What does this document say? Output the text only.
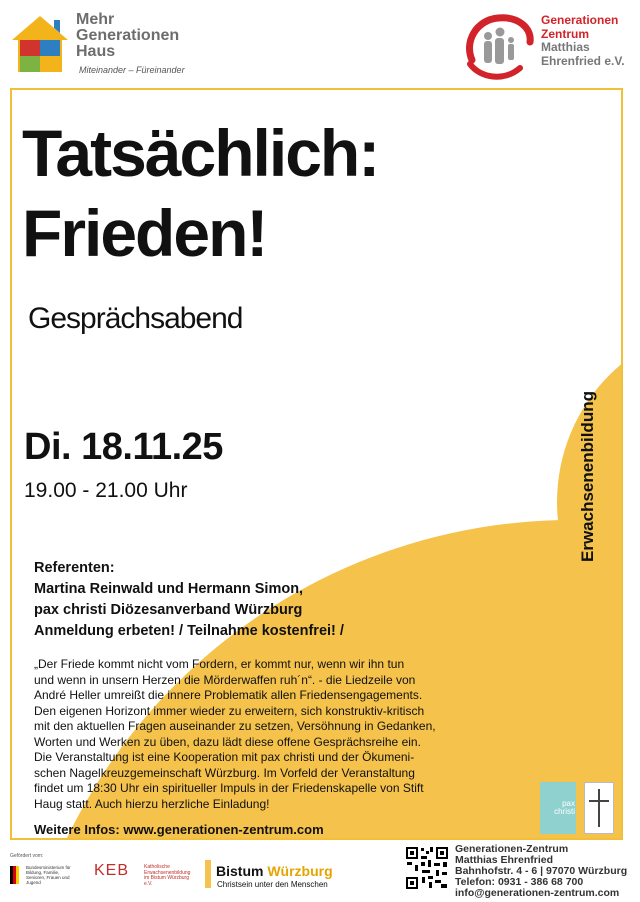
Mehr
Generationen
Haus
Miteinander – Füreinander
Generationen
Zentrum
Matthias
Ehrenfried e.V.
Tatsächlich:
Frieden!
Gesprächsabend
Di. 18.11.25
19.00 - 21.00 Uhr	Erwachsenenbildung
Referenten:
Martina Reinwald und Hermann Simon,
pax christi Diözesanverband Würzburg
Anmeldung erbeten! / Teilnahme kostenfrei! /
„Der Friede kommt nicht vom Fordern, er kommt nur, wenn wir ihn tun
und wenn in unsern Herzen die Mörderwaffen ruh´n“. - die Liedzeile von
André Heller umreißt die innere Problematik allen Friedensengagements.
Den eigenen Horizont immer wieder zu erweitern, sich konstruktiv-kritisch
mit den aktuellen Fragen auseinander zu setzen, Versöhnung in Gedanken,
Worten und Werken zu üben, dazu lädt diese offene Gesprächsreihe ein.
Die Veranstaltung ist eine Kooperation mit pax christi und der Ökumeni-
schen Nagelkreuzgemeinschaft Würzburg. Im Vorfeld der Veranstaltung
findet um 18:30 Uhr ein spiritueller Impuls in der Friedenskapelle von Stift
Haug statt. Auch hierzu herzliche Einladung!
Weitere Infos: www.generationen-zentrum.com
pax christi
Gefördert vom:
Bundesministerium für Bildung, Familie, Senioren, Frauen und Jugend
KEB	Katholische Erwachsenenbildung im Bistum Würzburg e.V.
Bistum Würzburg
Christsein unter den Menschen
Generationen-Zentrum
Matthias Ehrenfried
Bahnhofstr. 4 - 6 | 97070 Würzburg
Telefon: 0931 - 386 68 700
info@generationen-zentrum.com
